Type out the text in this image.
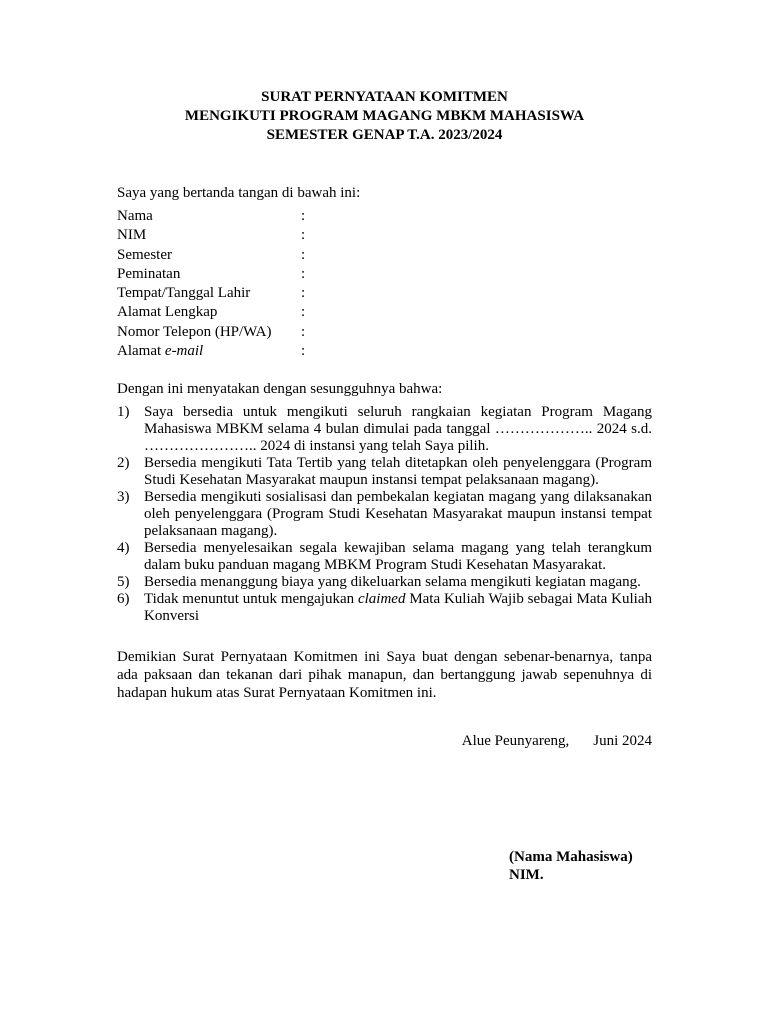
SURAT PERNYATAAN KOMITMEN

MENGIKUTI PROGRAM MAGANG MBKM MAHASISWA

SEMESTER GENAP T.A. 2023/2024

Saya yang bertanda tangan di bawah ini:
Nama	:
NIM	:
Semester	:
Peminatan	:
Tempat/Tanggal Lahir	:
Alamat Lengkap	:
Nomor Telepon (HP/WA)	:
Alamat e-mail	:
Dengan ini menyatakan dengan sesungguhnya bahwa:
1) Saya bersedia untuk mengikuti seluruh rangkaian kegiatan Program Magang Mahasiswa MBKM selama 4 bulan dimulai pada tanggal ……………….. 2024 s.d. ………………….. 2024 di instansi yang telah Saya pilih.
2) Bersedia mengikuti Tata Tertib yang telah ditetapkan oleh penyelenggara (Program Studi Kesehatan Masyarakat maupun instansi tempat pelaksanaan magang).
3) Bersedia mengikuti sosialisasi dan pembekalan kegiatan magang yang dilaksanakan oleh penyelenggara (Program Studi Kesehatan Masyarakat maupun instansi tempat pelaksanaan magang).
4) Bersedia menyelesaikan segala kewajiban selama magang yang telah terangkum dalam buku panduan magang MBKM Program Studi Kesehatan Masyarakat.
5) Bersedia menanggung biaya yang dikeluarkan selama mengikuti kegiatan magang.
6) Tidak menuntut untuk mengajukan claimed Mata Kuliah Wajib sebagai Mata Kuliah Konversi
Demikian Surat Pernyataan Komitmen ini Saya buat dengan sebenar-benarnya, tanpa ada paksaan dan tekanan dari pihak manapun, dan bertanggung jawab sepenuhnya di hadapan hukum atas Surat Pernyataan Komitmen ini.
Alue Peunyareng, Juni 2024
(Nama Mahasiswa)
NIM.
